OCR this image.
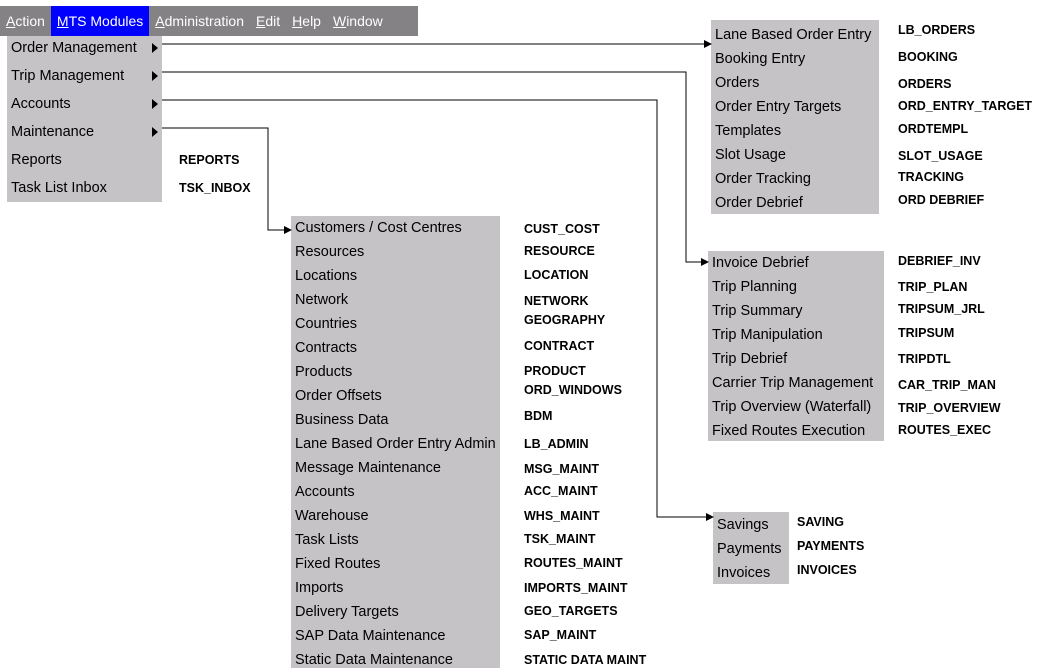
Action MTS Modules Administration Edit Help Window
Order Management
Trip Management
Accounts
Maintenance
Reports
Task List Inbox
Lane Based Order Entry
Booking Entry
Orders
Order Entry Targets
Templates
Slot Usage
Order Tracking
Order Debrief
Invoice Debrief
Trip Planning
Trip Summary
Trip Manipulation
Trip Debrief
Carrier Trip Management
Trip Overview (Waterfall)
Fixed Routes Execution
Savings
Payments
Invoices
Customers / Cost Centres
Resources
Locations
Network
Countries
Contracts
Products
Order Offsets
Business Data
Lane Based Order Entry Admin
Message Maintenance
Accounts
Warehouse
Task Lists
Fixed Routes
Imports
Delivery Targets
SAP Data Maintenance
Static Data Maintenance
REPORTS
TSK_INBOX
LB_ORDERS
BOOKING
ORDERS
ORD_ENTRY_TARGET
ORDTEMPL
SLOT_USAGE
TRACKING
ORD DEBRIEF
DEBRIEF_INV
TRIP_PLAN
TRIPSUM_JRL
TRIPSUM
TRIPDTL
CAR_TRIP_MAN
TRIP_OVERVIEW
ROUTES_EXEC
SAVING
PAYMENTS
INVOICES
CUST_COST
RESOURCE
LOCATION
NETWORK
GEOGRAPHY
CONTRACT
PRODUCT
ORD_WINDOWS
BDM
LB_ADMIN
MSG_MAINT
ACC_MAINT
WHS_MAINT
TSK_MAINT
ROUTES_MAINT
IMPORTS_MAINT
GEO_TARGETS
SAP_MAINT
STATIC DATA MAINT
